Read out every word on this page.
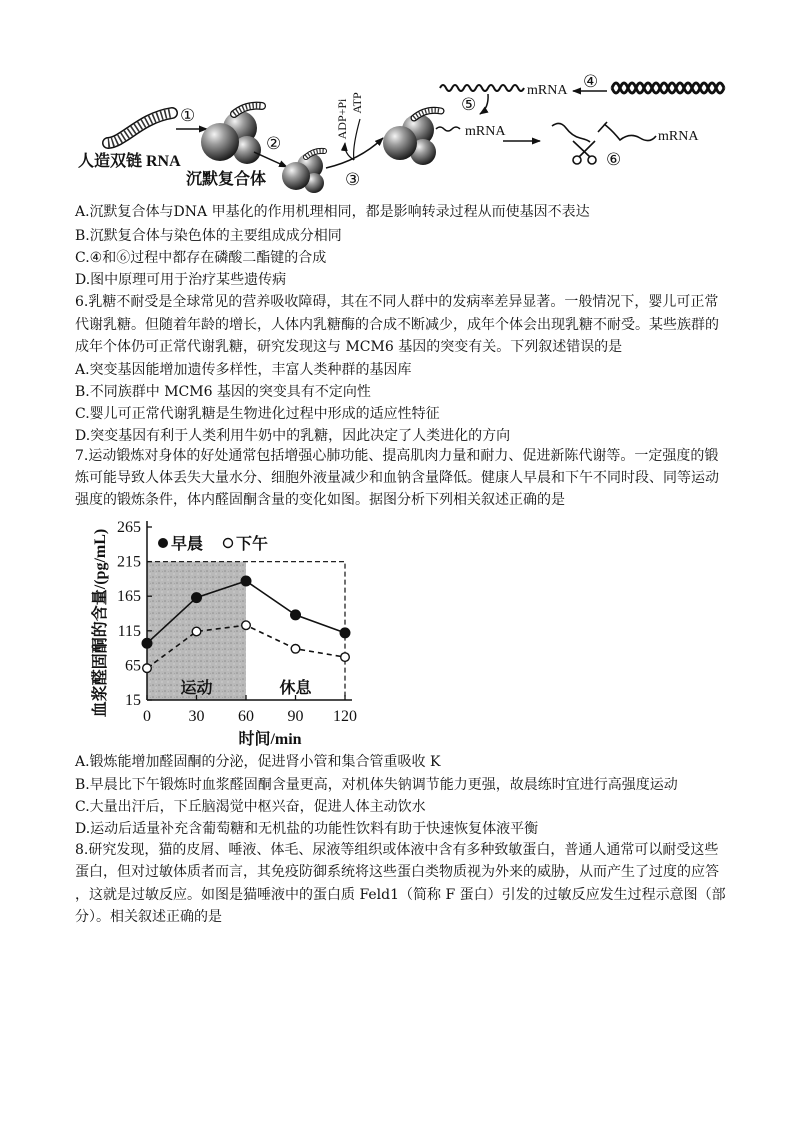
人造双链 RNA
①
沉默复合体
②
ADP+Pi ATP
③
mRNA
mRNA ④
⑤
⑥
mRNA
A.沉默复合体与DNA 甲基化的作用机理相同，都是影响转录过程从而使基因不表达
B.沉默复合体与染色体的主要组成成分相同
C.④和⑥过程中都存在磷酸二酯键的合成
D.图中原理可用于治疗某些遗传病
6.乳糖不耐受是全球常见的营养吸收障碍，其在不同人群中的发病率差异显著。一般情况下，婴儿可正常
代谢乳糖。但随着年龄的增长，人体内乳糖酶的合成不断减少，成年个体会出现乳糖不耐受。某些族群的
成年个体仍可正常代谢乳糖，研究发现这与 MCM6 基因的突变有关。下列叙述错误的是
A.突变基因能增加遗传多样性，丰富人类种群的基因库
B.不同族群中 MCM6 基因的突变具有不定向性
C.婴儿可正常代谢乳糖是生物进化过程中形成的适应性特征
D.突变基因有利于人类利用牛奶中的乳糖，因此决定了人类进化的方向
7.运动锻炼对身体的好处通常包括增强心肺功能、提高肌肉力量和耐力、促进新陈代谢等。一定强度的锻
炼可能导致人体丢失大量水分、细胞外液量减少和血钠含量降低。健康人早晨和下午不同时段、同等运动
强度的锻炼条件，体内醛固酮含量的变化如图。据图分析下列相关叙述正确的是
运动	休息
15
65
115
165
215
265
0 30 60 90 120
早晨 下午
血浆醛固酮的含量/(pg/mL)
时间/min
A.锻炼能增加醛固酮的分泌，促进肾小管和集合管重吸收 K
B.早晨比下午锻炼时血浆醛固酮含量更高，对机体失钠调节能力更强，故晨练时宜进行高强度运动
C.大量出汗后，下丘脑渴觉中枢兴奋，促进人体主动饮水
D.运动后适量补充含葡萄糖和无机盐的功能性饮料有助于快速恢复体液平衡
8.研究发现，猫的皮屑、唾液、体毛、尿液等组织或体液中含有多种致敏蛋白，普通人通常可以耐受这些
蛋白，但对过敏体质者而言，其免疫防御系统将这些蛋白类物质视为外来的威胁，从而产生了过度的应答
，这就是过敏反应。如图是猫唾液中的蛋白质 Feld1（简称 F 蛋白）引发的过敏反应发生过程示意图（部
分）。相关叙述正确的是
